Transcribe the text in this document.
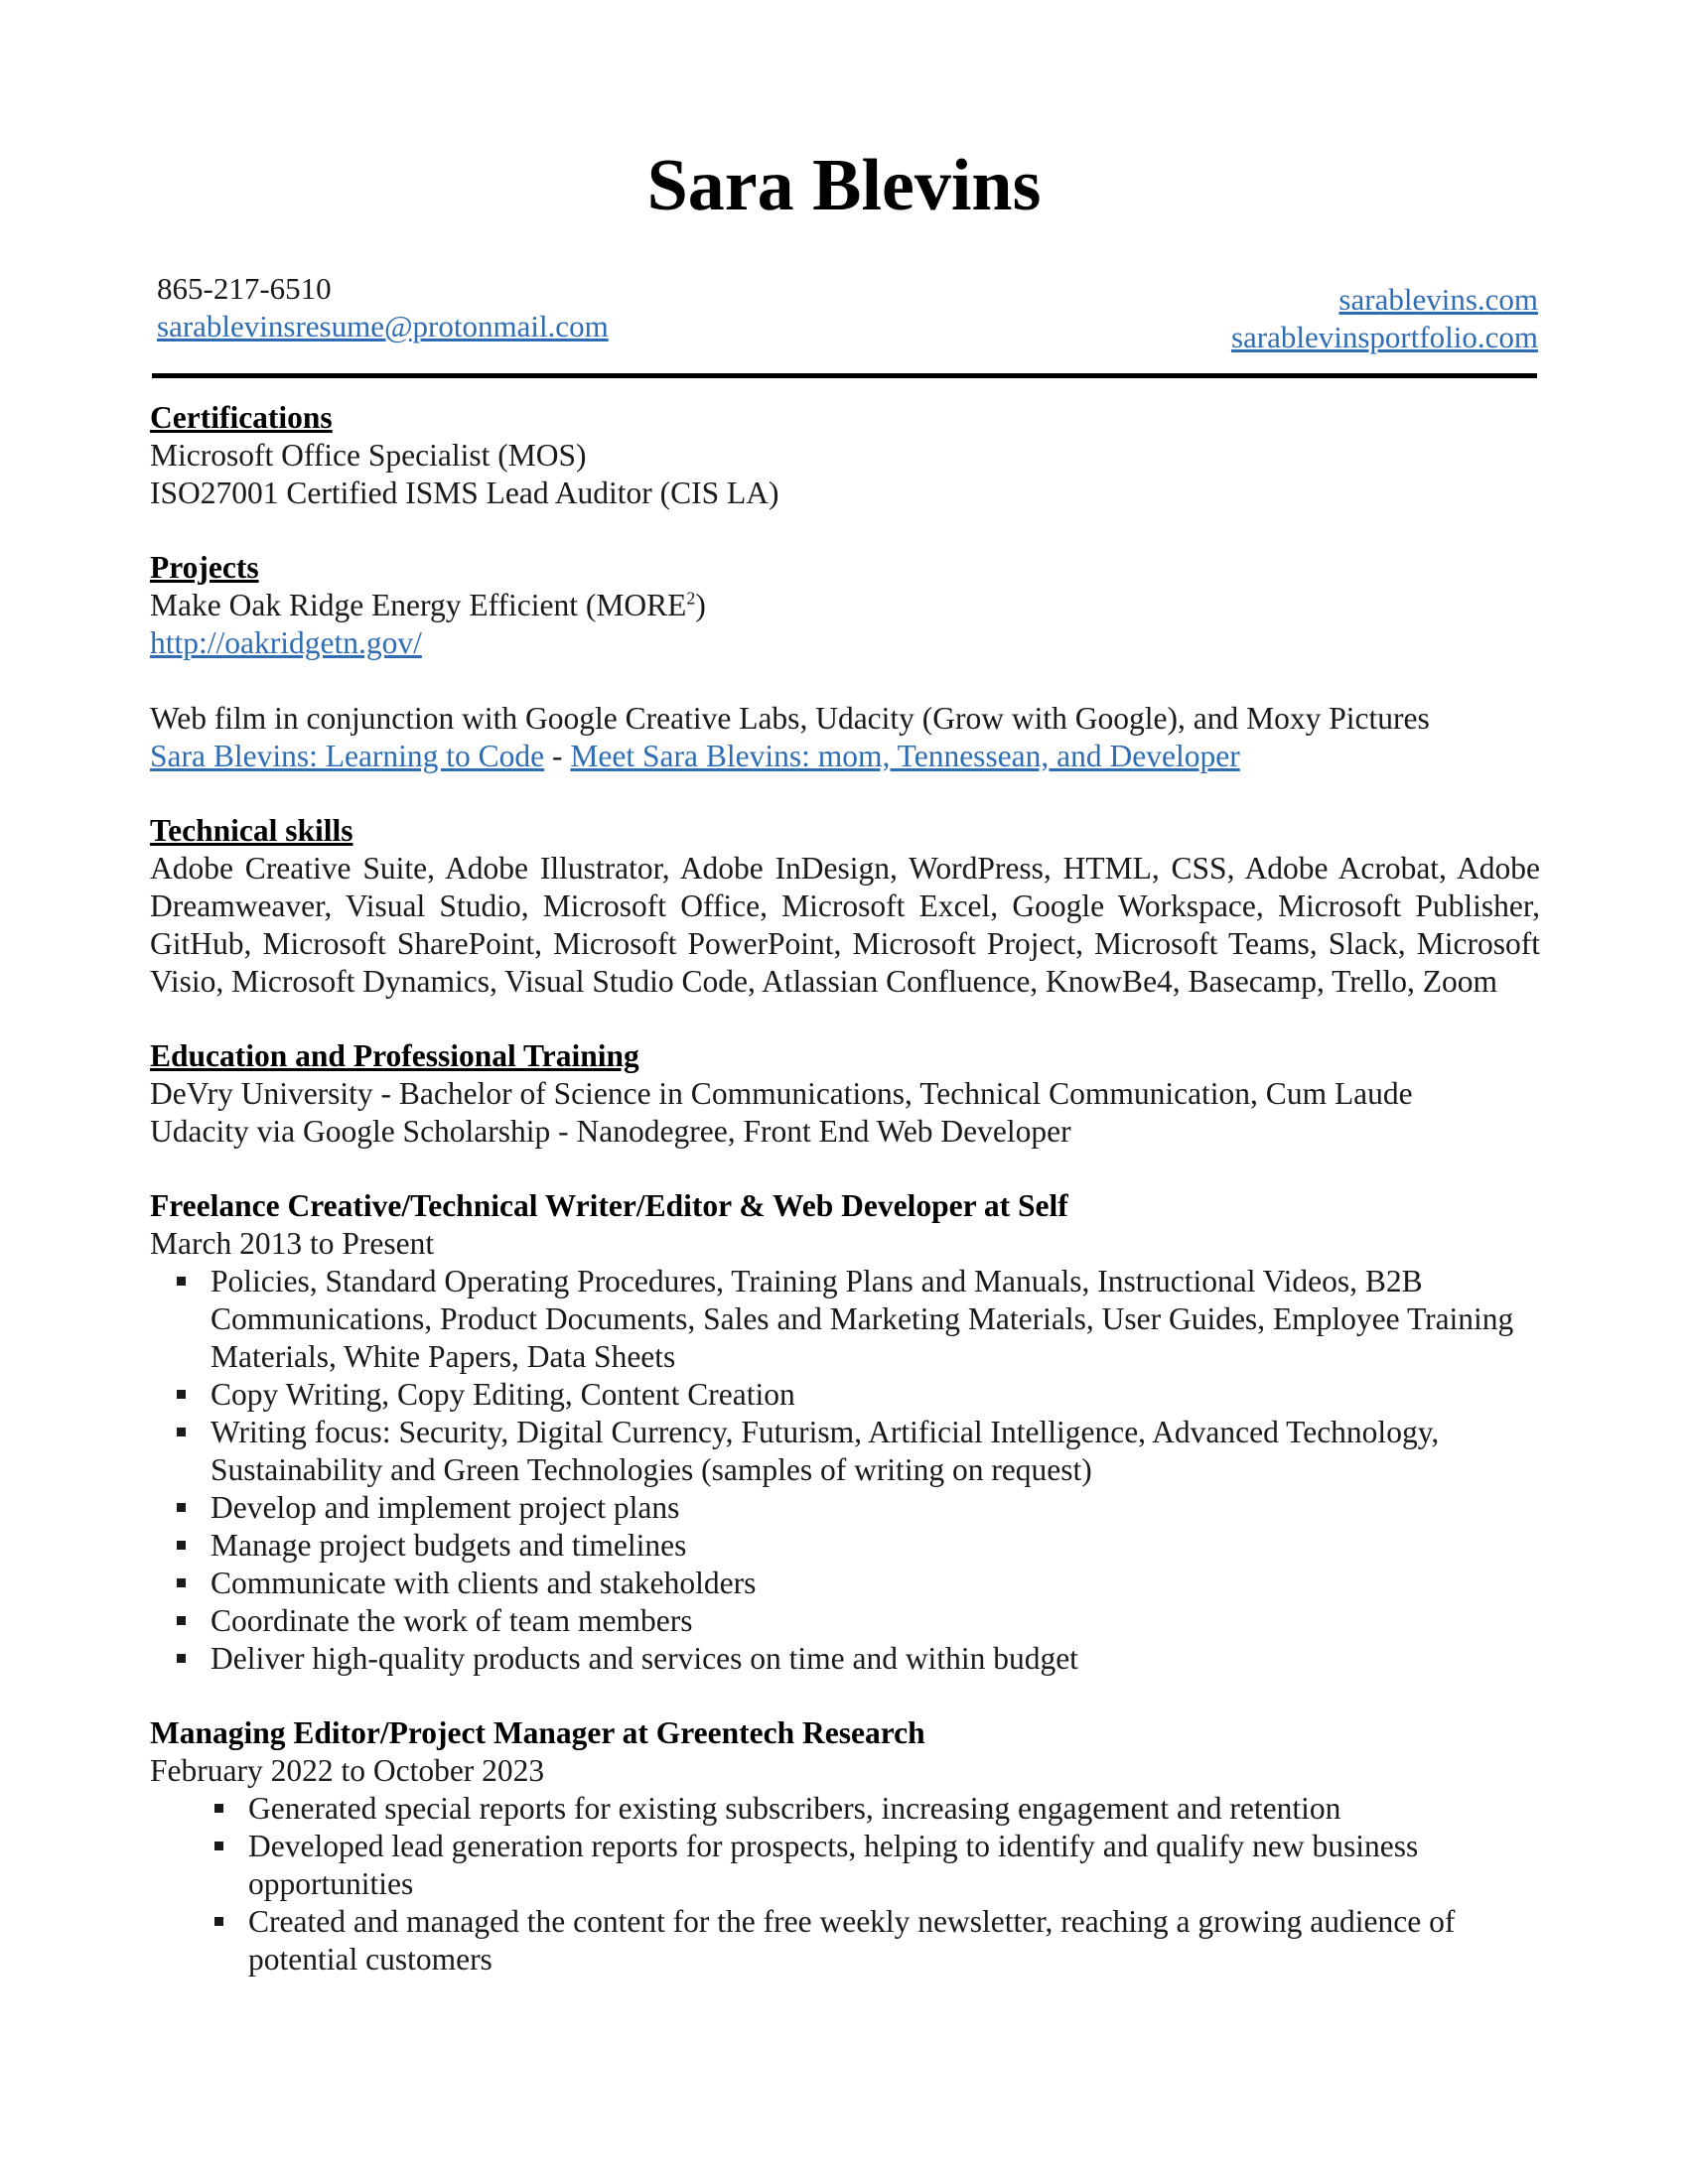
Sara Blevins
865-217-6510
sarablevinsresume@protonmail.com
sarablevins.com
sarablevinsportfolio.com
Certifications

Microsoft Office Specialist (MOS)

ISO27001 Certified ISMS Lead Auditor (CIS LA)

Projects

Make Oak Ridge Energy Efficient (MORE$^2$)

http://oakridgetn.gov/

Web film in conjunction with Google Creative Labs, Udacity (Grow with Google), and Moxy Pictures

Sara Blevins: Learning to Code - Meet Sara Blevins: mom, Tennessean, and Developer

Technical skills

Adobe Creative Suite, Adobe Illustrator, Adobe InDesign, WordPress, HTML, CSS, Adobe Acrobat, Adobe Dreamweaver, Visual Studio, Microsoft Office, Microsoft Excel, Google Workspace, Microsoft Publisher, GitHub, Microsoft SharePoint, Microsoft PowerPoint, Microsoft Project, Microsoft Teams, Slack, Microsoft Visio, Microsoft Dynamics, Visual Studio Code, Atlassian Confluence, KnowBe4, Basecamp, Trello, Zoom

Education and Professional Training

DeVry University - Bachelor of Science in Communications, Technical Communication, Cum Laude

Udacity via Google Scholarship - Nanodegree, Front End Web Developer

Freelance Creative/Technical Writer/Editor & Web Developer at Self

March 2013 to Present

Policies, Standard Operating Procedures, Training Plans and Manuals, Instructional Videos, B2B Communications, Product Documents, Sales and Marketing Materials, User Guides, Employee Training Materials, White Papers, Data Sheets
Copy Writing, Copy Editing, Content Creation
Writing focus: Security, Digital Currency, Futurism, Artificial Intelligence, Advanced Technology, Sustainability and Green Technologies (samples of writing on request)
Develop and implement project plans
Manage project budgets and timelines
Communicate with clients and stakeholders
Coordinate the work of team members
Deliver high-quality products and services on time and within budget
Managing Editor/Project Manager at Greentech Research

February 2022 to October 2023

Generated special reports for existing subscribers, increasing engagement and retention
Developed lead generation reports for prospects, helping to identify and qualify new business opportunities
Created and managed the content for the free weekly newsletter, reaching a growing audience of potential customers
